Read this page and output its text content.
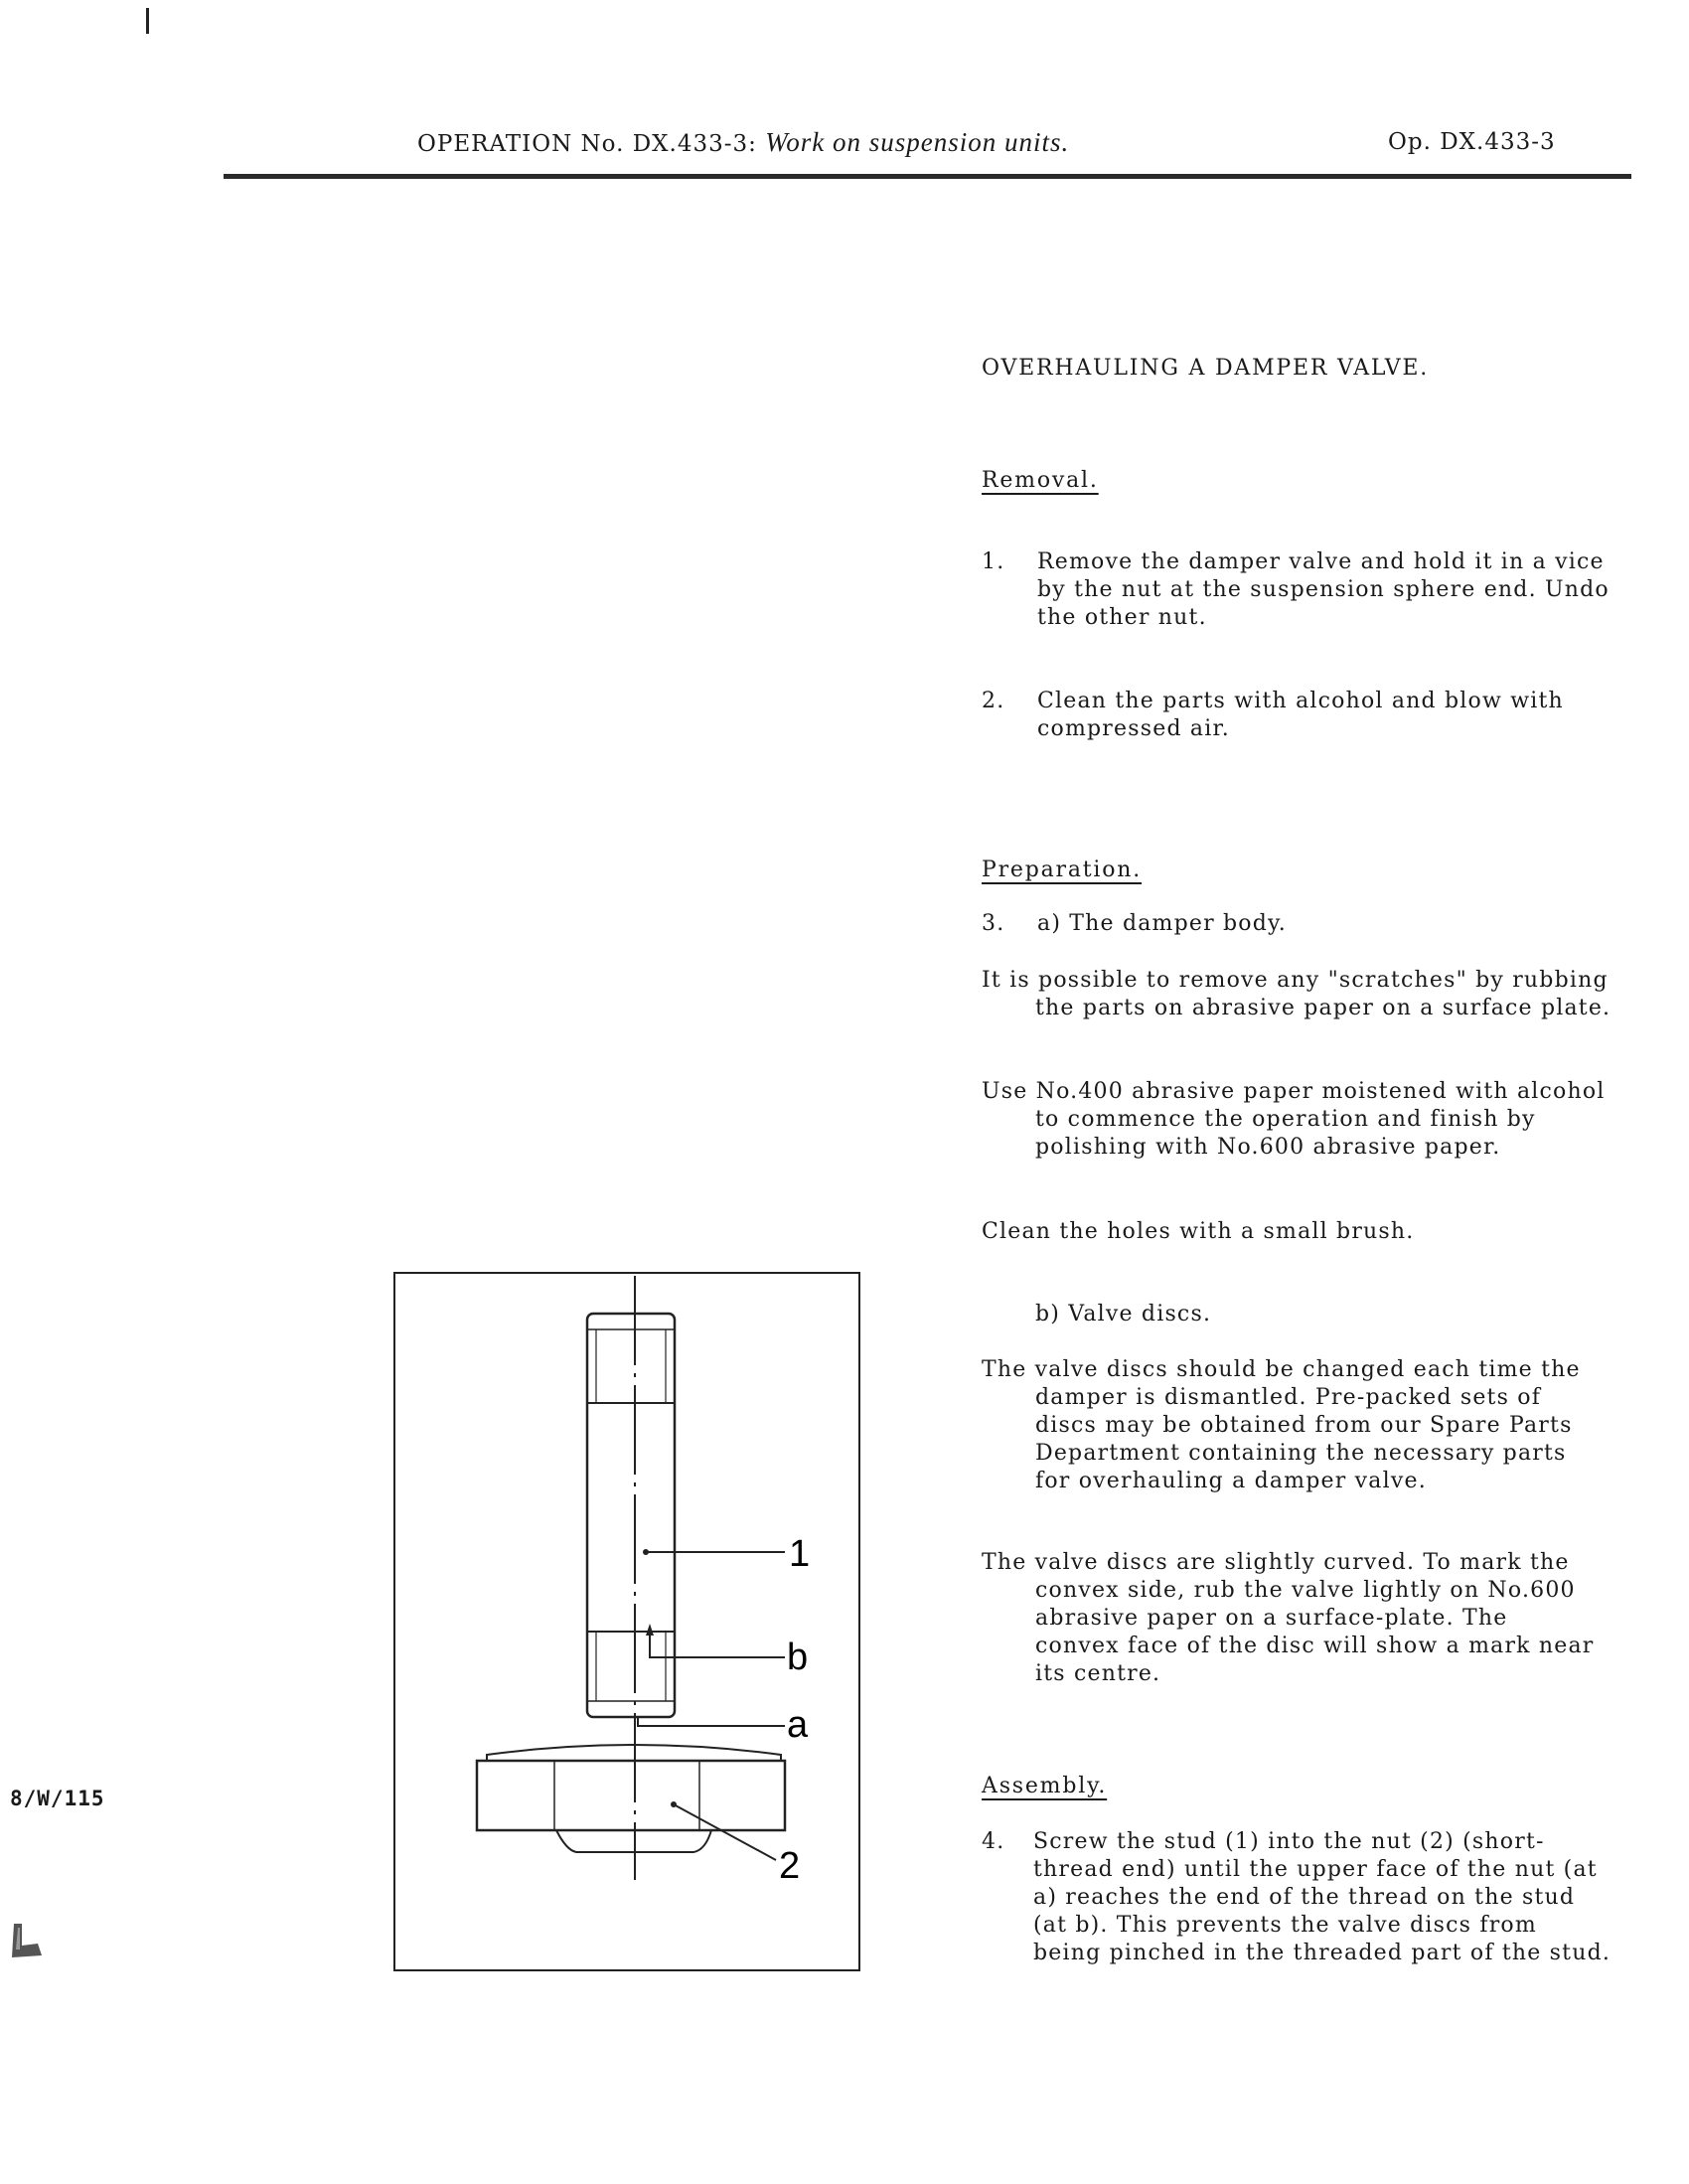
OPERATION No. DX.433-3: Work on suspension units.	Op. DX.433-3
OVERHAULING A DAMPER VALVE.
Removal.
1. Remove the damper valve and hold it in a vice
by the nut at the suspension sphere end. Undo
the other nut.
2. Clean the parts with alcohol and blow with
compressed air.
Preparation.
3. a) The damper body.
It is possible to remove any "scratches" by rubbing
the parts on abrasive paper on a surface plate.
Use No.400 abrasive paper moistened with alcohol
to commence the operation and finish by
polishing with No.600 abrasive paper.
Clean the holes with a small brush.
b) Valve discs.
The valve discs should be changed each time the
damper is dismantled. Pre-packed sets of
discs may be obtained from our Spare Parts
Department containing the necessary parts
for overhauling a damper valve.
The valve discs are slightly curved. To mark the
convex side, rub the valve lightly on No.600
abrasive paper on a surface-plate. The
convex face of the disc will show a mark near
its centre.
Assembly.
4. Screw the stud (1) into the nut (2) (short-
thread end) until the upper face of the nut (at
a) reaches the end of the thread on the stud
(at b). This prevents the valve discs from
being pinched in the threaded part of the stud.
8/W/115
1
b
a
2
